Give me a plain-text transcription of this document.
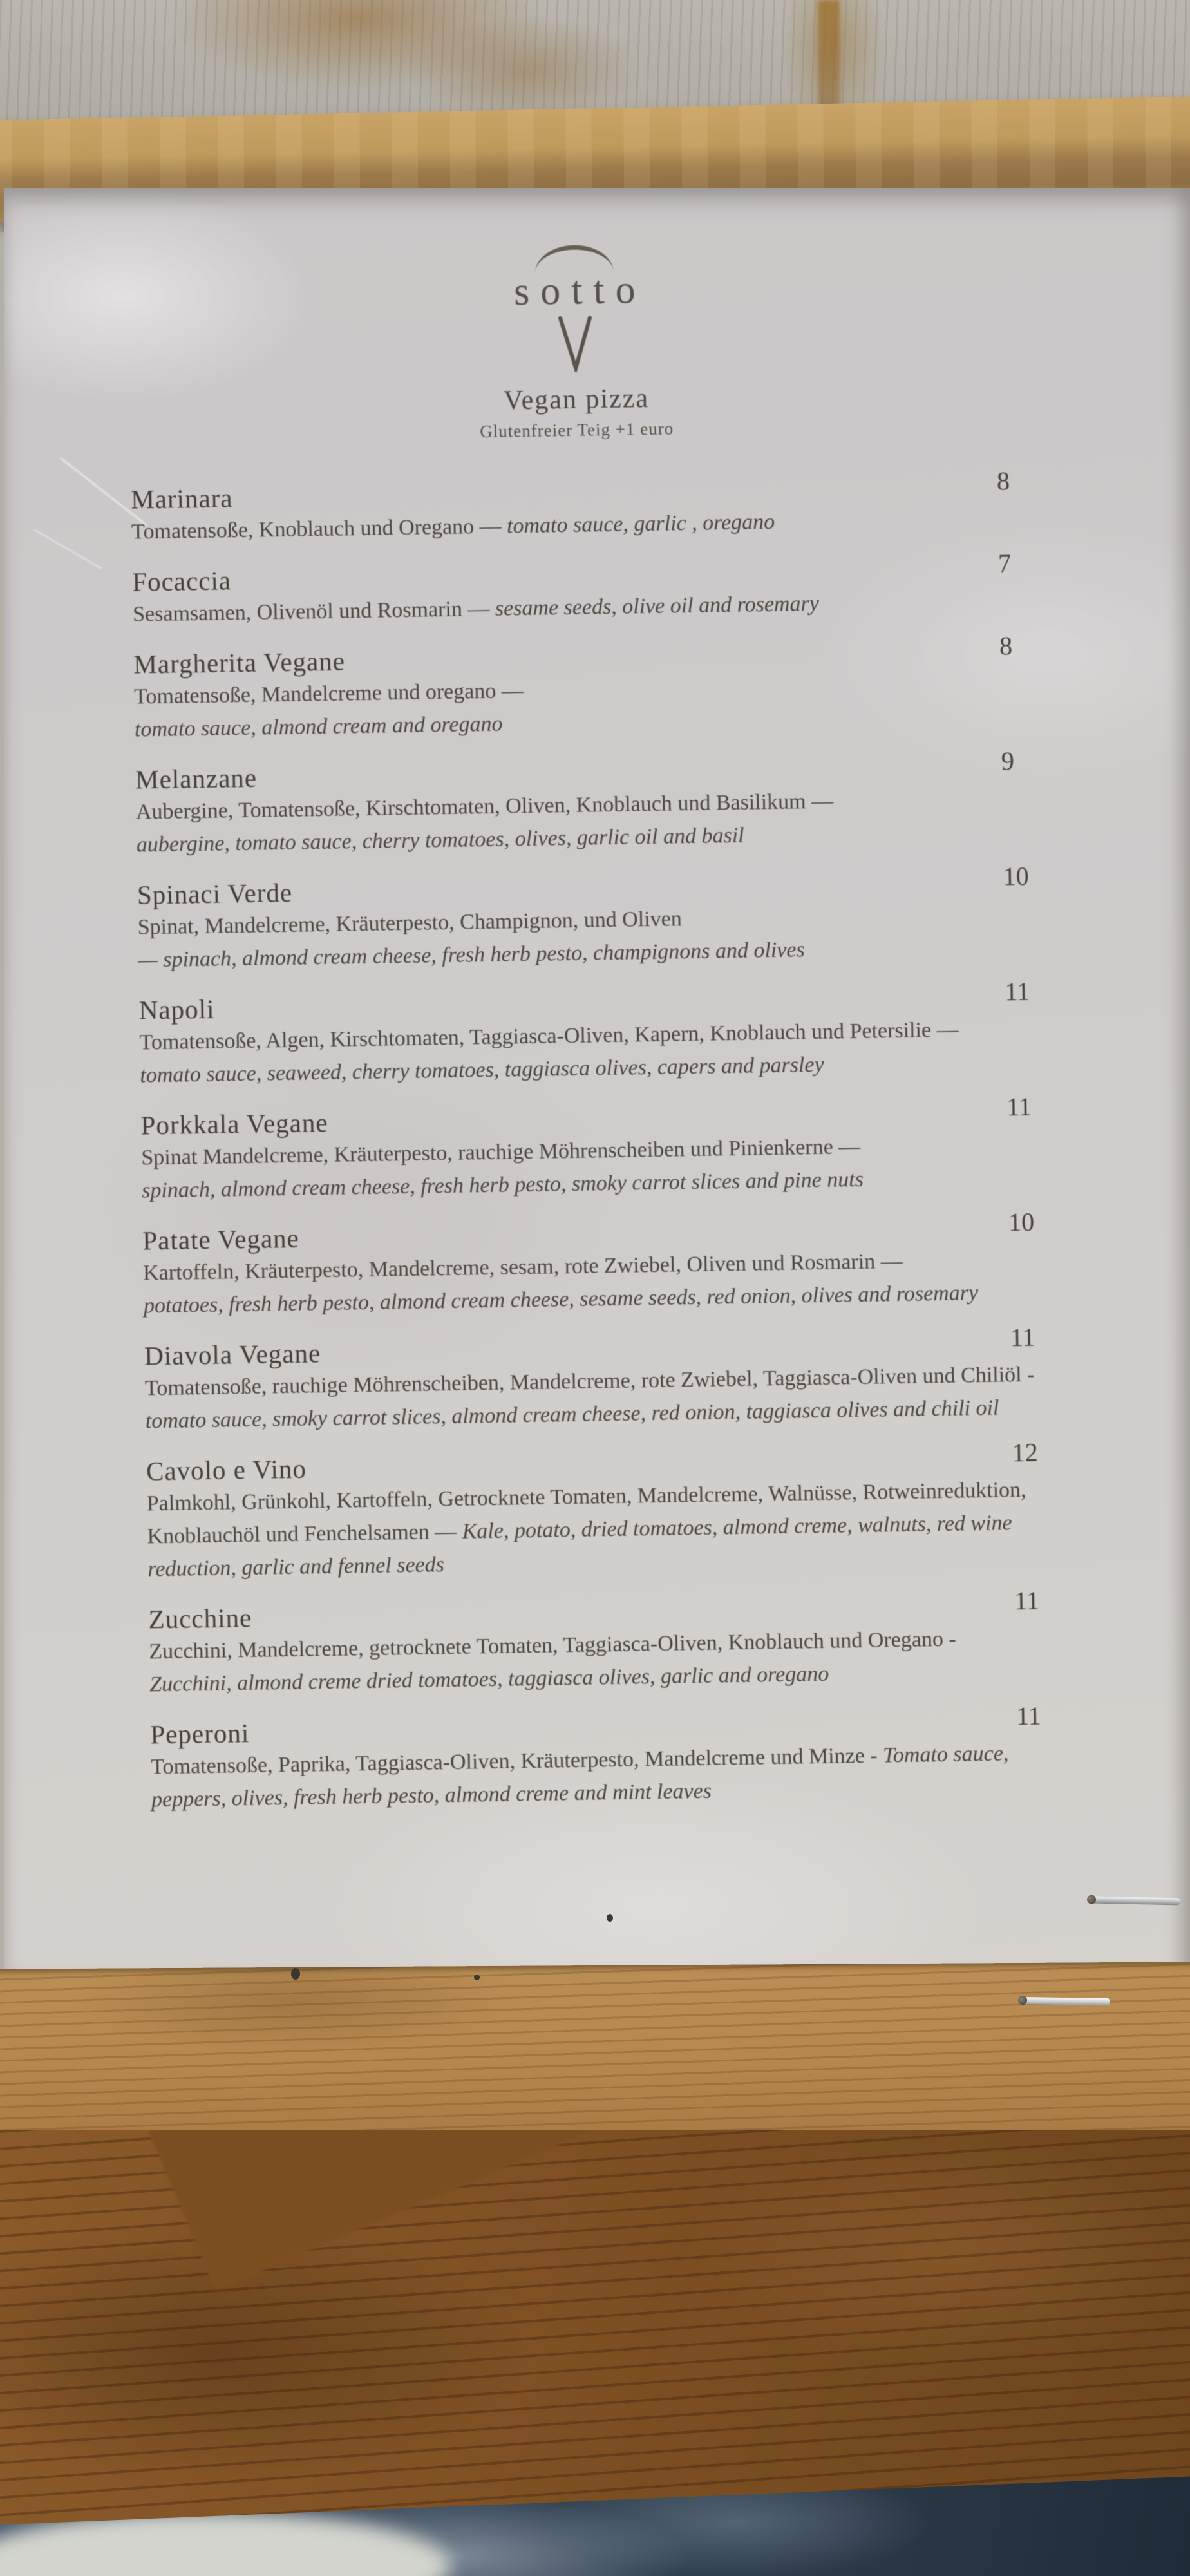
sotto
Vegan pizza
Glutenfreier Teig +1 euro
Marinara
8
Tomatensoße, Knoblauch und Oregano — tomato sauce, garlic , oregano
Focaccia
7
Sesamsamen, Olivenöl und Rosmarin — sesame seeds, olive oil and rosemary
Margherita Vegane
8
Tomatensoße, Mandelcreme und oregano —
tomato sauce, almond cream and oregano
Melanzane
9
Aubergine, Tomatensoße, Kirschtomaten, Oliven, Knoblauch und Basilikum —
aubergine, tomato sauce, cherry tomatoes, olives, garlic oil and basil
Spinaci Verde
10
Spinat, Mandelcreme, Kräuterpesto, Champignon, und Oliven
— spinach, almond cream cheese, fresh herb pesto, champignons and olives
Napoli
11
Tomatensoße, Algen, Kirschtomaten, Taggiasca-Oliven, Kapern, Knoblauch und Petersilie —
tomato sauce, seaweed, cherry tomatoes, taggiasca olives, capers and parsley
Porkkala Vegane
11
Spinat Mandelcreme, Kräuterpesto, rauchige Möhrenscheiben und Pinienkerne —
spinach, almond cream cheese, fresh herb pesto, smoky carrot slices and pine nuts
Patate Vegane
10
Kartoffeln, Kräuterpesto, Mandelcreme, sesam, rote Zwiebel, Oliven und Rosmarin —
potatoes, fresh herb pesto, almond cream cheese, sesame seeds, red onion, olives and rosemary
Diavola Vegane
11
Tomatensoße, rauchige Möhrenscheiben, Mandelcreme, rote Zwiebel, Taggiasca-Oliven und Chiliöl -
tomato sauce, smoky carrot slices, almond cream cheese, red onion, taggiasca olives and chili oil
Cavolo e Vino
12
Palmkohl, Grünkohl, Kartoffeln, Getrocknete Tomaten, Mandelcreme, Walnüsse, Rotweinreduktion, Knoblauchöl und Fenchelsamen — Kale, potato, dried tomatoes, almond creme, walnuts, red wine reduction, garlic and fennel seeds
Zucchine
11
Zucchini, Mandelcreme, getrocknete Tomaten, Taggiasca-Oliven, Knoblauch und Oregano -
Zucchini, almond creme dried tomatoes, taggiasca olives, garlic and oregano
Peperoni
11
Tomatensoße, Paprika, Taggiasca-Oliven, Kräuterpesto, Mandelcreme und Minze - Tomato sauce, peppers, olives, fresh herb pesto, almond creme and mint leaves
